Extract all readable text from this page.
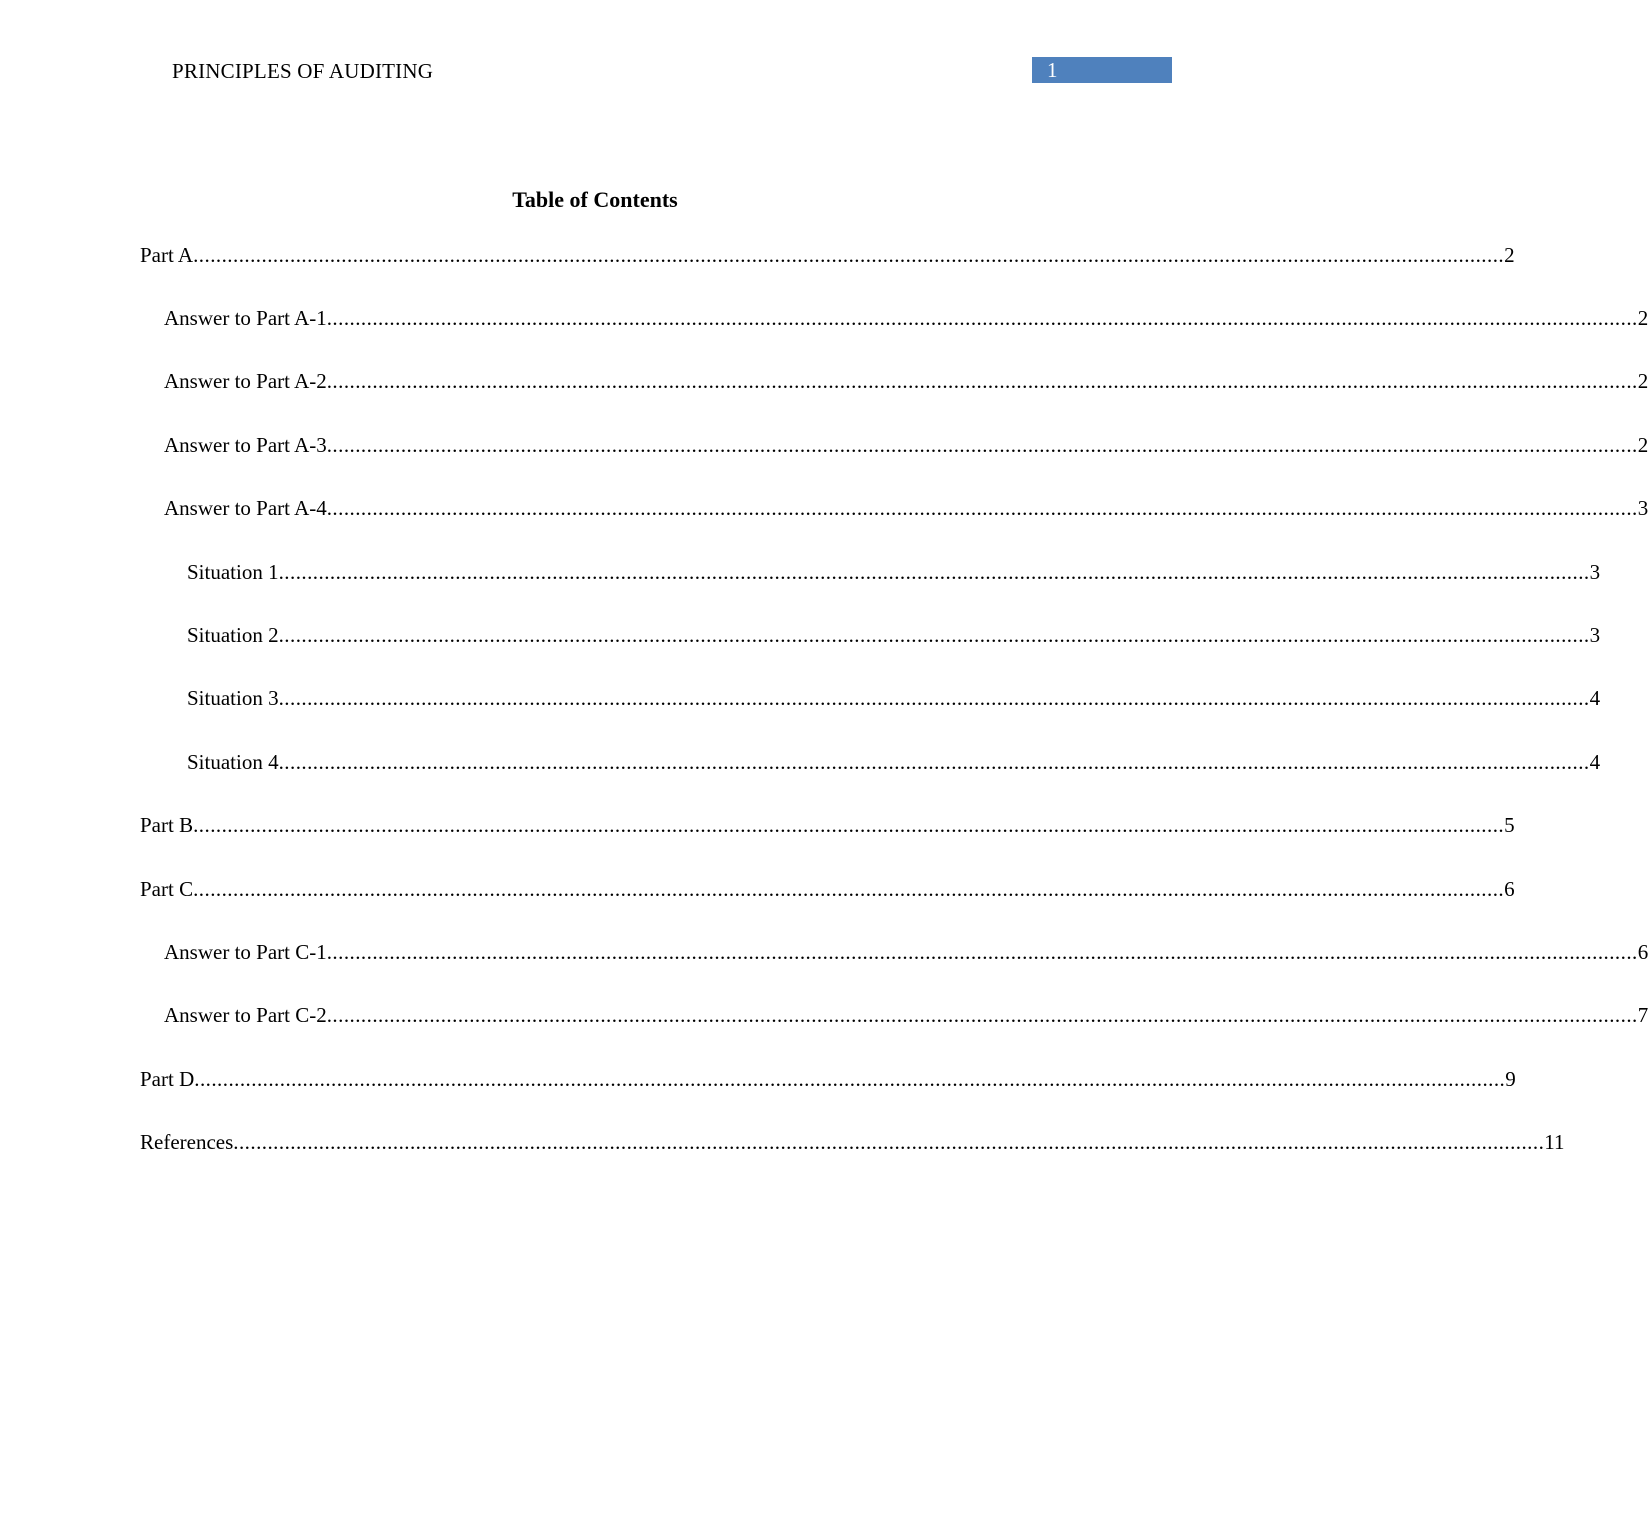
PRINCIPLES OF AUDITING	1
Table of Contents
Part A ...................................................................................................................................................................................................................................... 2
Answer to Part A-1 ...................................................................................................................................................................................................................................... 2
Answer to Part A-2 ...................................................................................................................................................................................................................................... 2
Answer to Part A-3 ...................................................................................................................................................................................................................................... 2
Answer to Part A-4 ...................................................................................................................................................................................................................................... 3
Situation 1 ...................................................................................................................................................................................................................................... 3
Situation 2 ...................................................................................................................................................................................................................................... 3
Situation 3 ...................................................................................................................................................................................................................................... 4
Situation 4 ...................................................................................................................................................................................................................................... 4
Part B ...................................................................................................................................................................................................................................... 5
Part C ...................................................................................................................................................................................................................................... 6
Answer to Part C-1 ...................................................................................................................................................................................................................................... 6
Answer to Part C-2 ...................................................................................................................................................................................................................................... 7
Part D ...................................................................................................................................................................................................................................... 9
References ...................................................................................................................................................................................................................................... 11
